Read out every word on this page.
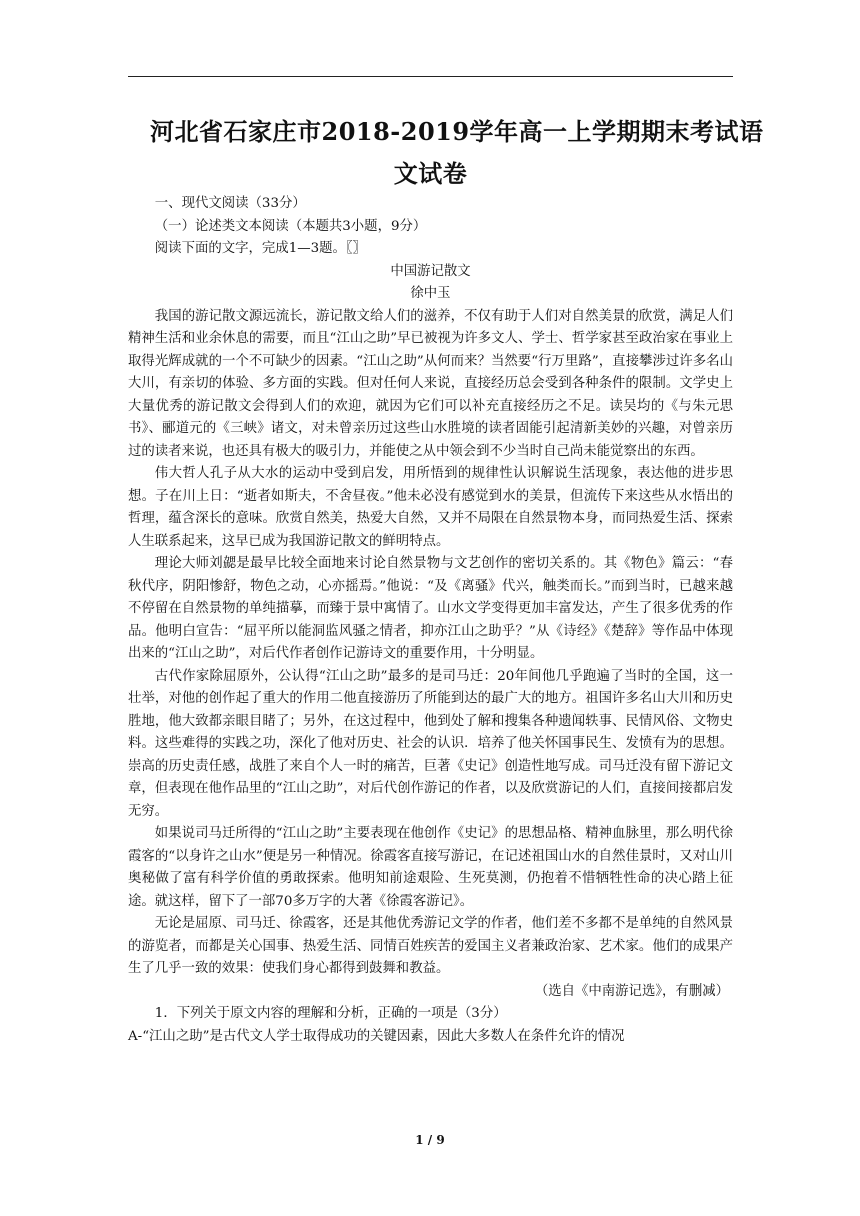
河北省石家庄市2018-2019学年高一上学期期末考试语
文试卷

一、现代文阅读（33分）

（一）论述类文本阅读（本题共3小题，9分）

阅读下面的文字，完成1—3题。〖〗

中国游记散文

徐中玉

我国的游记散文源远流长，游记散文给人们的滋养，不仅有助于人们对自然美景的欣赏，满足人们精神生活和业余休息的需要，而且“江山之助”早已被视为许多文人、学士、哲学家甚至政治家在事业上取得光辉成就的一个不可缺少的因素。“江山之助”从何而来？当然要“行万里路”，直接攀涉过许多名山大川，有亲切的体验、多方面的实践。但对任何人来说，直接经历总会受到各种条件的限制。文学史上大量优秀的游记散文会得到人们的欢迎，就因为它们可以补充直接经历之不足。读吴均的《与朱元思书》、郦道元的《三峡》诸文，对未曾亲历过这些山水胜境的读者固能引起清新美妙的兴趣，对曾亲历过的读者来说，也还具有极大的吸引力，并能使之从中领会到不少当时自己尚未能觉察出的东西。

伟大哲人孔子从大水的运动中受到启发，用所悟到的规律性认识解说生活现象，表达他的进步思想。子在川上日：“逝者如斯夫，不舍昼夜。”他未必没有感觉到水的美景，但流传下来这些从水悟出的哲理，蕴含深长的意味。欣赏自然美，热爱大自然，又并不局限在自然景物本身，而同热爱生活、探索人生联系起来，这早已成为我国游记散文的鲜明特点。

理论大师刘勰是最早比较全面地来讨论自然景物与文艺创作的密切关系的。其《物色》篇云：“春秋代序，阴阳惨舒，物色之动，心亦摇焉。”他说：“及《离骚》代兴，触类而长。”而到当时，已越来越不停留在自然景物的单纯描摹，而臻于景中寓情了。山水文学变得更加丰富发达，产生了很多优秀的作品。他明白宣告：“屈平所以能洞监风骚之情者，抑亦江山之助乎？”从《诗经》《楚辞》等作品中体现出来的“江山之助”，对后代作者创作记游诗文的重要作用，十分明显。

古代作家除屈原外，公认得“江山之助”最多的是司马迁：20年间他几乎跑遍了当时的全国，这一壮举，对他的创作起了重大的作用二他直接游历了所能到达的最广大的地方。祖国许多名山大川和历史胜地，他大致都亲眼目睹了；另外，在这过程中，他到处了解和搜集各种遗闻轶事、民情风俗、文物史料。这些难得的实践之功，深化了他对历史、社会的认识．培养了他关怀国事民生、发愤有为的思想。崇高的历史责任感，战胜了来自个人一时的痛苦，巨著《史记》创造性地写成。司马迁没有留下游记文章，但表现在他作品里的“江山之助”，对后代创作游记的作者，以及欣赏游记的人们，直接间接都启发无穷。

如果说司马迁所得的“江山之助”主要表现在他创作《史记》的思想品格、精神血脉里，那么明代徐霞客的“以身许之山水”便是另一种情况。徐霞客直接写游记，在记述祖国山水的自然佳景时，又对山川奥秘做了富有科学价值的勇敢探索。他明知前途艰险、生死莫测，仍抱着不惜牺牲性命的决心踏上征途。就这样，留下了一部70多万字的大著《徐霞客游记》。

无论是屈原、司马迁、徐霞客，还是其他优秀游记文学的作者，他们差不多都不是单纯的自然风景的游览者，而都是关心国事、热爱生活、同情百姓疾苦的爱国主义者兼政治家、艺术家。他们的成果产生了几乎一致的效果：使我们身心都得到鼓舞和教益。

（选自《中南游记选》，有删减）

1．下列关于原文内容的理解和分析，正确的一项是（3分）

A-“江山之助”是古代文人学士取得成功的关键因素，因此大多数人在条件允许的情况

1 / 9
